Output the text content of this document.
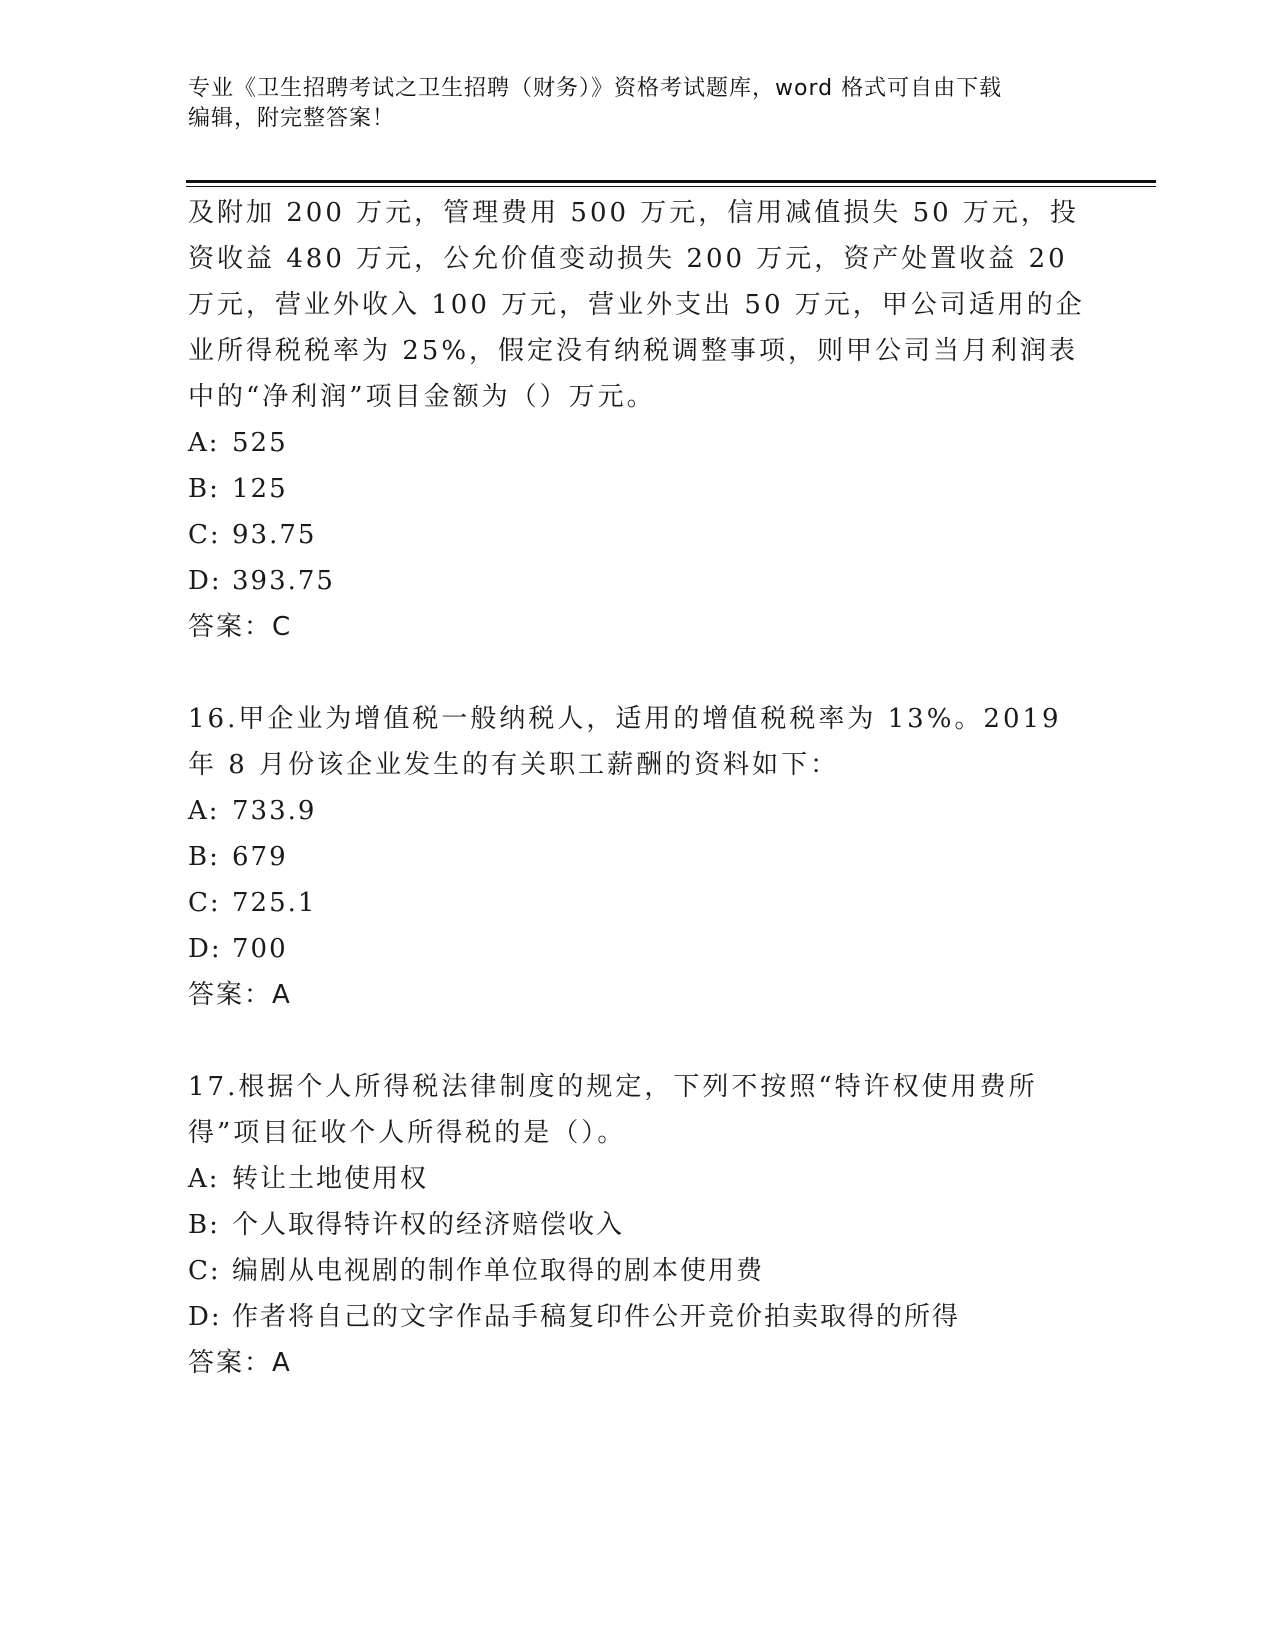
专业《卫生招聘考试之卫生招聘（财务）》资格考试题库，word 格式可自由下载
编辑，附完整答案！

及附加 200 万元，管理费用 500 万元，信用减值损失 50 万元，投资收益 480 万元，公允价值变动损失 200 万元，资产处置收益 20 万元，营业外收入 100 万元，营业外支出 50 万元，甲公司适用的企业所得税税率为 25%，假定没有纳税调整事项，则甲公司当月利润表中的“净利润”项目金额为（）万元。

A: 525

B: 125

C: 93.75

D: 393.75

答案：C

16.甲企业为增值税一般纳税人，适用的增值税税率为 13%。2019 年 8 月份该企业发生的有关职工薪酬的资料如下：

A: 733.9

B: 679

C: 725.1

D: 700

答案：A

17.根据个人所得税法律制度的规定，下列不按照“特许权使用费所得”项目征收个人所得税的是（）。

A: 转让土地使用权

B: 个人取得特许权的经济赔偿收入

C: 编剧从电视剧的制作单位取得的剧本使用费

D: 作者将自己的文字作品手稿复印件公开竞价拍卖取得的所得

答案：A
